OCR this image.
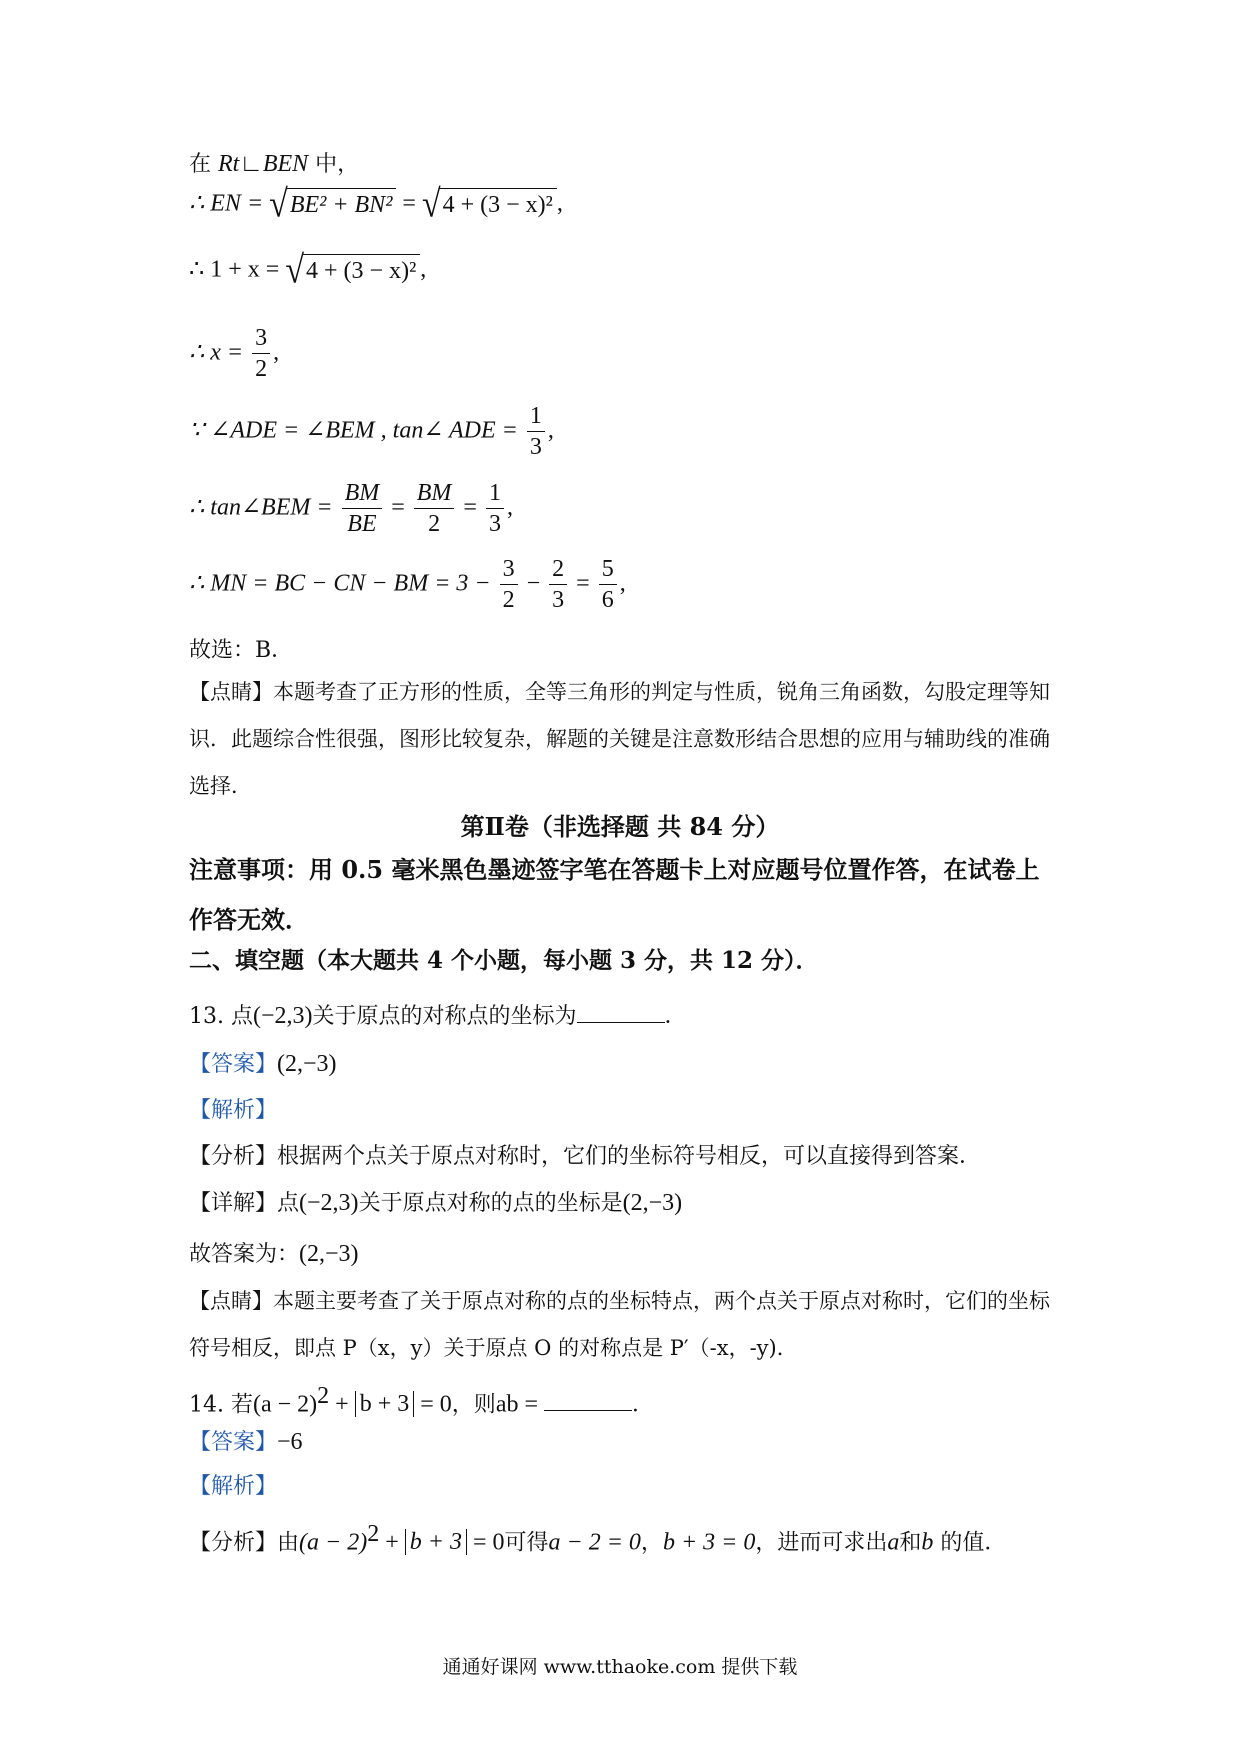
在 Rt∟BEN 中，
∴ EN = √ BE² + BN² = √ 4 + (3 − x)² ,
∴ 1 + x = √ 4 + (3 − x)² ,
∴ $x = \frac{3}{2}$ ,
∵ ∠ADE = ∠BEM , tan∠ ADE = $\frac{1}{3}$ ,
∴ tan∠BEM = $\frac{BM}{BE} = \frac{BM}{2} = \frac{1}{3}$ ,
∴ MN = BC − CN − BM = $3 - \frac{3}{2} - \frac{2}{3} = \frac{5}{6}$ ,
故选：B．
【点睛】本题考查了正方形的性质，全等三角形的判定与性质，锐角三角函数，勾股定理等知识．此题综合性很强，图形比较复杂，解题的关键是注意数形结合思想的应用与辅助线的准确选择．
第Ⅱ卷（非选择题 共 84 分）
注意事项：用 0.5 毫米黑色墨迹签字笔在答题卡上对应题号位置作答，在试卷上作答无效．
二、填空题（本大题共 4 个小题，每小题 3 分，共 12 分）．
13. 点(−2,3)关于原点的对称点的坐标为	．
【答案】(2,−3)
【解析】
【分析】根据两个点关于原点对称时，它们的坐标符号相反，可以直接得到答案．
【详解】点(−2,3)关于原点对称的点的坐标是(2,−3)
故答案为：(2,−3)
【点睛】本题主要考查了关于原点对称的点的坐标特点，两个点关于原点对称时，它们的坐标符号相反，即点 P（x，y）关于原点 O 的对称点是 P′（-x，-y)．
14. 若$(a - 2)^2 + b + 3 = 0$，则ab =	．
【答案】−6
【解析】
【分析】由$(a - 2)^2 + b + 3 = 0$可得a − 2 = 0，b + 3 = 0，进而可求出a和b 的值．
通通好课网 www.tthaoke.com 提供下载
